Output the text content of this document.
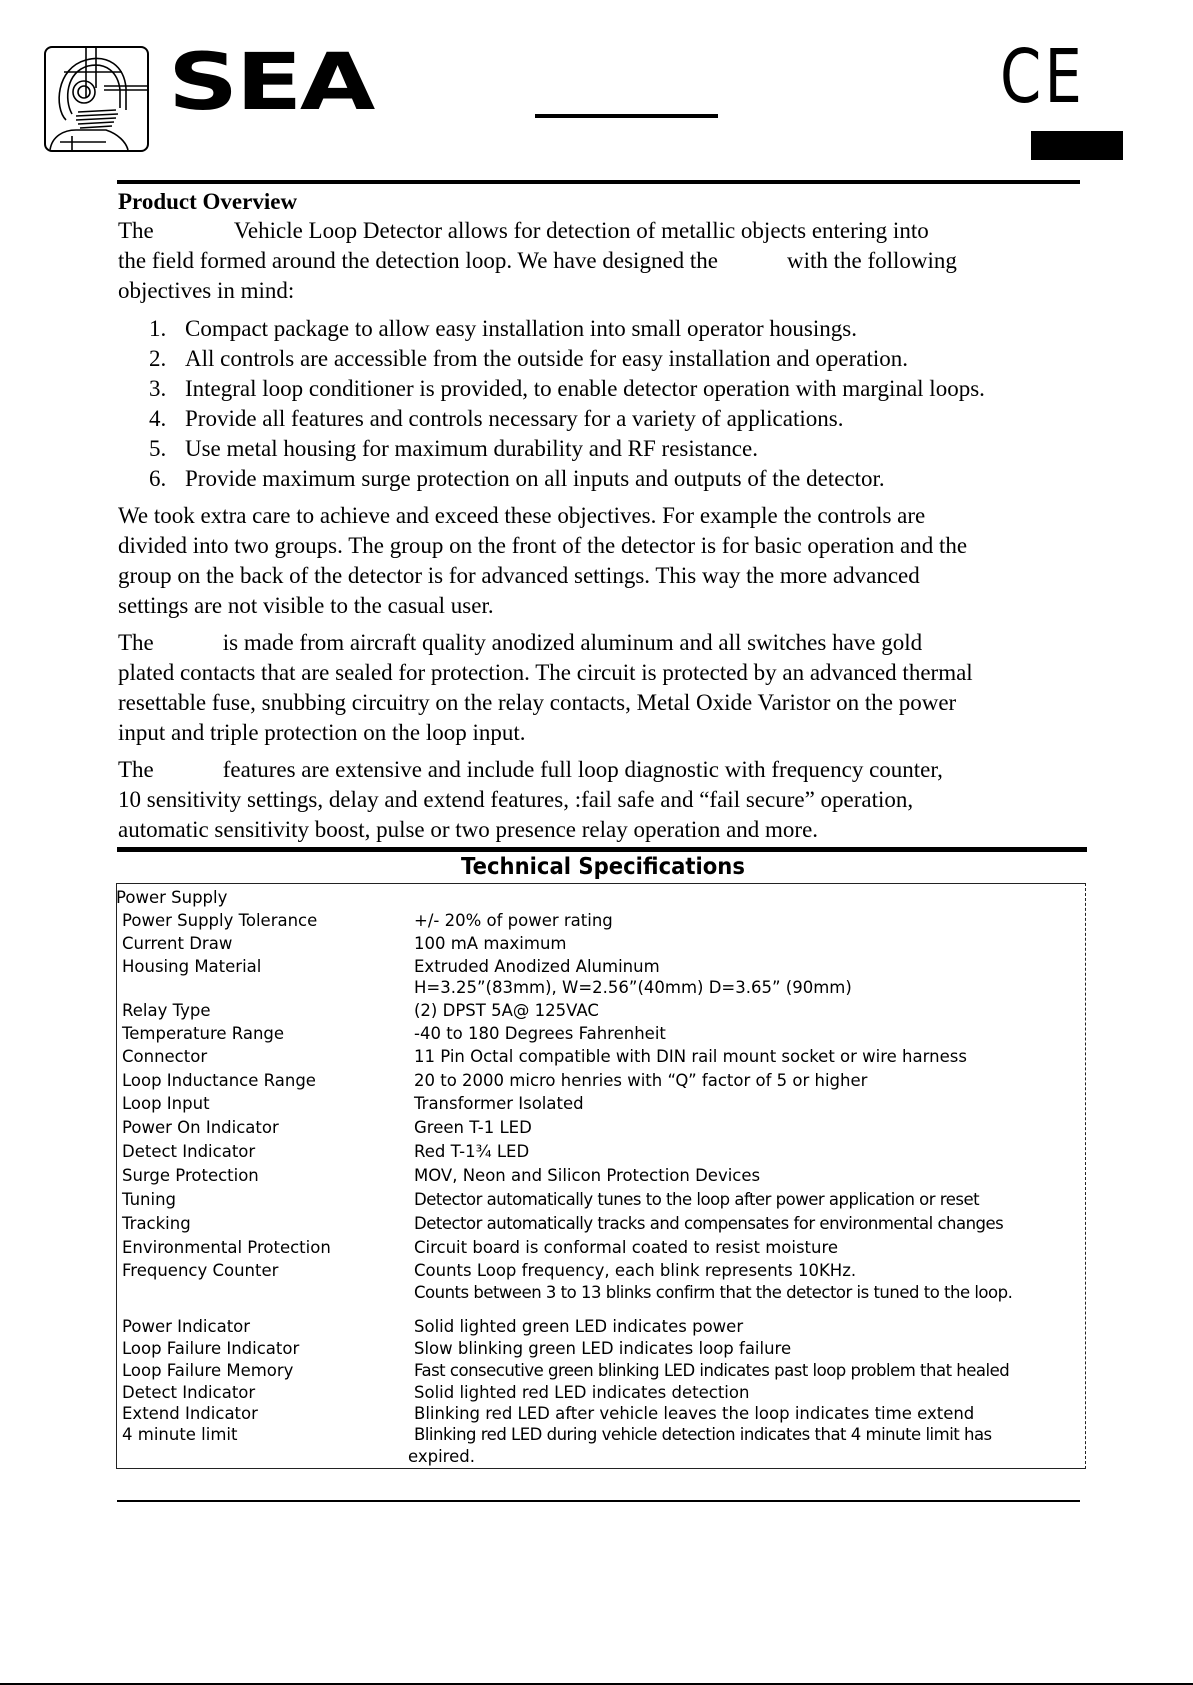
SEA	CE
Product Overview
The              Vehicle Loop Detector allows for detection of metallic objects entering into
the field formed around the detection loop. We have designed the            with the following
objectives in mind:
1. Compact package to allow easy installation into small operator housings.
2. All controls are accessible from the outside for easy installation and operation.
3. Integral loop conditioner is provided, to enable detector operation with marginal loops.
4. Provide all features and controls necessary for a variety of applications.
5. Use metal housing for maximum durability and RF resistance.
6. Provide maximum surge protection on all inputs and outputs of the detector.
We took extra care to achieve and exceed these objectives. For example the controls are
divided into two groups. The group on the front of the detector is for basic operation and the
group on the back of the detector is for advanced settings. This way the more advanced
settings are not visible to the casual user.
The            is made from aircraft quality anodized aluminum and all switches have gold
plated contacts that are sealed for protection. The circuit is protected by an advanced thermal
resettable fuse, snubbing circuitry on the relay contacts, Metal Oxide Varistor on the power
input and triple protection on the loop input.
The            features are extensive and include full loop diagnostic with frequency counter,
10 sensitivity settings, delay and extend features, :fail safe and “fail secure” operation,
automatic sensitivity boost, pulse or two presence relay operation and more.
Technical Specifications
Power Supply
Power Supply Tolerance	+/- 20% of power rating
Current Draw	100 mA maximum
Housing Material	Extruded Anodized Aluminum
H=3.25”(83mm), W=2.56”(40mm) D=3.65” (90mm)
Relay Type	(2) DPST 5A@ 125VAC
Temperature Range	-40 to 180 Degrees Fahrenheit
Connector	11 Pin Octal compatible with DIN rail mount socket or wire harness
Loop Inductance Range	20 to 2000 micro henries with “Q” factor of 5 or higher
Loop Input	Transformer Isolated
Power On Indicator	Green T-1 LED
Detect Indicator	Red T-1¾ LED
Surge Protection	MOV, Neon and Silicon Protection Devices
Tuning	Detector automatically tunes to the loop after power application or reset
Tracking	Detector automatically tracks and compensates for environmental changes
Environmental Protection	Circuit board is conformal coated to resist moisture
Frequency Counter	Counts Loop frequency, each blink represents 10KHz.
Counts between 3 to 13 blinks confirm that the detector is tuned to the loop.
Power Indicator	Solid lighted green LED indicates power
Loop Failure Indicator	Slow blinking green LED indicates loop failure
Loop Failure Memory	Fast consecutive green blinking LED indicates past loop problem that healed
Detect Indicator	Solid lighted red LED indicates detection
Extend Indicator	Blinking red LED after vehicle leaves the loop indicates time extend
4 minute limit	Blinking red LED during vehicle detection indicates that 4 minute limit has
expired.
